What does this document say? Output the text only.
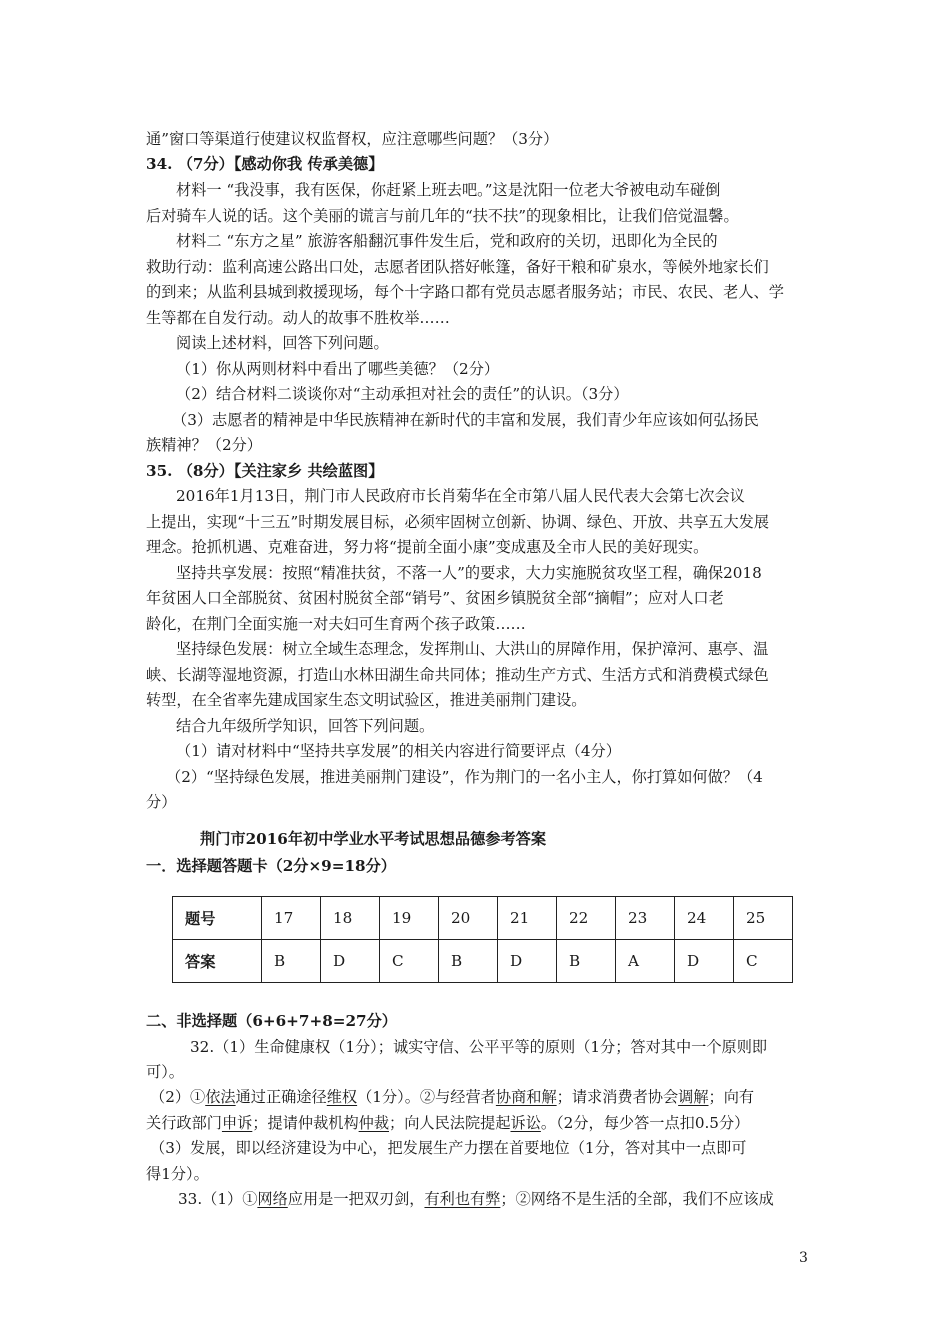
通”窗口等渠道行使建议权监督权，应注意哪些问题？（3分）
34. （7分）【感动你我 传承美德】
材料一 “我没事，我有医保，你赶紧上班去吧。”这是沈阳一位老大爷被电动车碰倒
后对骑车人说的话。这个美丽的谎言与前几年的“扶不扶”的现象相比，让我们倍觉温馨。
材料二 “东方之星” 旅游客船翻沉事件发生后，党和政府的关切，迅即化为全民的
救助行动：监利高速公路出口处，志愿者团队搭好帐篷，备好干粮和矿泉水，等候外地家长们
的到来；从监利县城到救援现场，每个十字路口都有党员志愿者服务站；市民、农民、老人、学
生等都在自发行动。动人的故事不胜枚举……
阅读上述材料，回答下列问题。
（1）你从两则材料中看出了哪些美德？（2分）
（2）结合材料二谈谈你对“主动承担对社会的责任”的认识。（3分）
（3）志愿者的精神是中华民族精神在新时代的丰富和发展，我们青少年应该如何弘扬民
族精神？（2分）
35. （8分）【关注家乡 共绘蓝图】
2016年1月13日，荆门市人民政府市长肖菊华在全市第八届人民代表大会第七次会议
上提出，实现“十三五”时期发展目标，必须牢固树立创新、协调、绿色、开放、共享五大发展
理念。抢抓机遇、克难奋进，努力将“提前全面小康”变成惠及全市人民的美好现实。
坚持共享发展：按照“精准扶贫，不落一人”的要求，大力实施脱贫攻坚工程，确保2018
年贫困人口全部脱贫、贫困村脱贫全部“销号”、贫困乡镇脱贫全部“摘帽”；应对人口老
龄化，在荆门全面实施一对夫妇可生育两个孩子政策……
坚持绿色发展：树立全域生态理念，发挥荆山、大洪山的屏障作用，保护漳河、惠亭、温
峡、长湖等湿地资源，打造山水林田湖生命共同体；推动生产方式、生活方式和消费模式绿色
转型，在全省率先建成国家生态文明试验区，推进美丽荆门建设。
结合九年级所学知识，回答下列问题。
（1）请对材料中“坚持共享发展”的相关内容进行简要评点（4分）
（2）“坚持绿色发展，推进美丽荆门建设”，作为荆门的一名小主人，你打算如何做？（4
分）
荆门市2016年初中学业水平考试思想品德参考答案
一．选择题答题卡（2分×9=18分）
题号	17	18	19	20	21	22	23	24	25
答案	B	D	C	B	D	B	A	D	C
二、非选择题（6+6+7+8=27分）
32.（1）生命健康权（1分）；诚实守信、公平平等的原则（1分；答对其中一个原则即
可）。
（2）①依法通过正确途径维权（1分）。②与经营者协商和解；请求消费者协会调解；向有
关行政部门申诉；提请仲裁机构仲裁；向人民法院提起诉讼。（2分，每少答一点扣0.5分）
（3）发展，即以经济建设为中心，把发展生产力摆在首要地位（1分，答对其中一点即可
得1分）。
33.（1）①网络应用是一把双刃剑，有利也有弊；②网络不是生活的全部，我们不应该成
3
